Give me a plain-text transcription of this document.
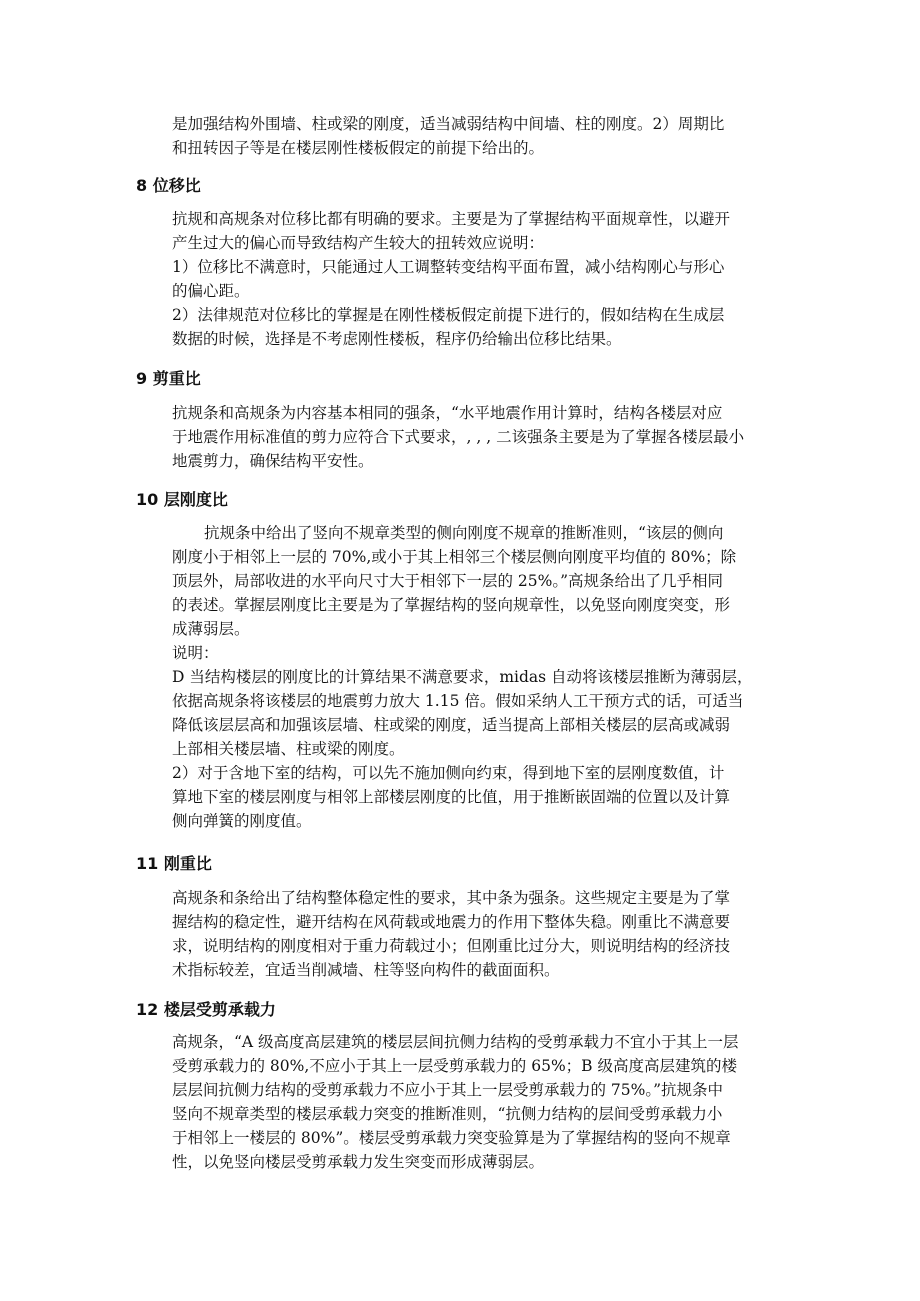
是加强结构外围墙、柱或梁的刚度，适当减弱结构中间墙、柱的刚度。2）周期比
和扭转因子等是在楼层刚性楼板假定的前提下给出的。
8 位移比
抗规和高规条对位移比都有明确的要求。主要是为了掌握结构平面规章性，以避开
产生过大的偏心而导致结构产生较大的扭转效应说明：
1）位移比不满意时，只能通过人工调整转变结构平面布置，减小结构刚心与形心
的偏心距。
2）法律规范对位移比的掌握是在刚性楼板假定前提下进行的，假如结构在生成层
数据的时候，选择是不考虑刚性楼板，程序仍给输出位移比结果。
9 剪重比
抗规条和高规条为内容基本相同的强条，“水平地震作用计算时，结构各楼层对应
于地震作用标准值的剪力应符合下式要求，, , , 二该强条主要是为了掌握各楼层最小
地震剪力，确保结构平安性。
10 层刚度比
抗规条中给出了竖向不规章类型的侧向刚度不规章的推断准则，“该层的侧向
刚度小于相邻上一层的 70%,或小于其上相邻三个楼层侧向刚度平均值的 80%；除
顶层外，局部收进的水平向尺寸大于相邻下一层的 25%。”高规条给出了几乎相同
的表述。掌握层刚度比主要是为了掌握结构的竖向规章性，以免竖向刚度突变，形
成薄弱层。
说明：
D 当结构楼层的刚度比的计算结果不满意要求，midas 自动将该楼层推断为薄弱层，
依据高规条将该楼层的地震剪力放大 1.15 倍。假如采纳人工干预方式的话，可适当
降低该层层高和加强该层墙、柱或梁的刚度，适当提高上部相关楼层的层高或减弱
上部相关楼层墙、柱或梁的刚度。
2）对于含地下室的结构，可以先不施加侧向约束，得到地下室的层刚度数值，计
算地下室的楼层刚度与相邻上部楼层刚度的比值，用于推断嵌固端的位置以及计算
侧向弹簧的刚度值。
11 刚重比
高规条和条给出了结构整体稳定性的要求，其中条为强条。这些规定主要是为了掌
握结构的稳定性，避开结构在风荷载或地震力的作用下整体失稳。刚重比不满意要
求，说明结构的刚度相对于重力荷载过小；但刚重比过分大，则说明结构的经济技
术指标较差，宜适当削减墙、柱等竖向构件的截面面积。
12 楼层受剪承载力
高规条，“A 级高度高层建筑的楼层层间抗侧力结构的受剪承载力不宜小于其上一层
受剪承载力的 80%,不应小于其上一层受剪承载力的 65%；B 级高度高层建筑的楼
层层间抗侧力结构的受剪承载力不应小于其上一层受剪承载力的 75%。”抗规条中
竖向不规章类型的楼层承载力突变的推断准则，“抗侧力结构的层间受剪承载力小
于相邻上一楼层的 80%”。楼层受剪承载力突变验算是为了掌握结构的竖向不规章
性，以免竖向楼层受剪承载力发生突变而形成薄弱层。
